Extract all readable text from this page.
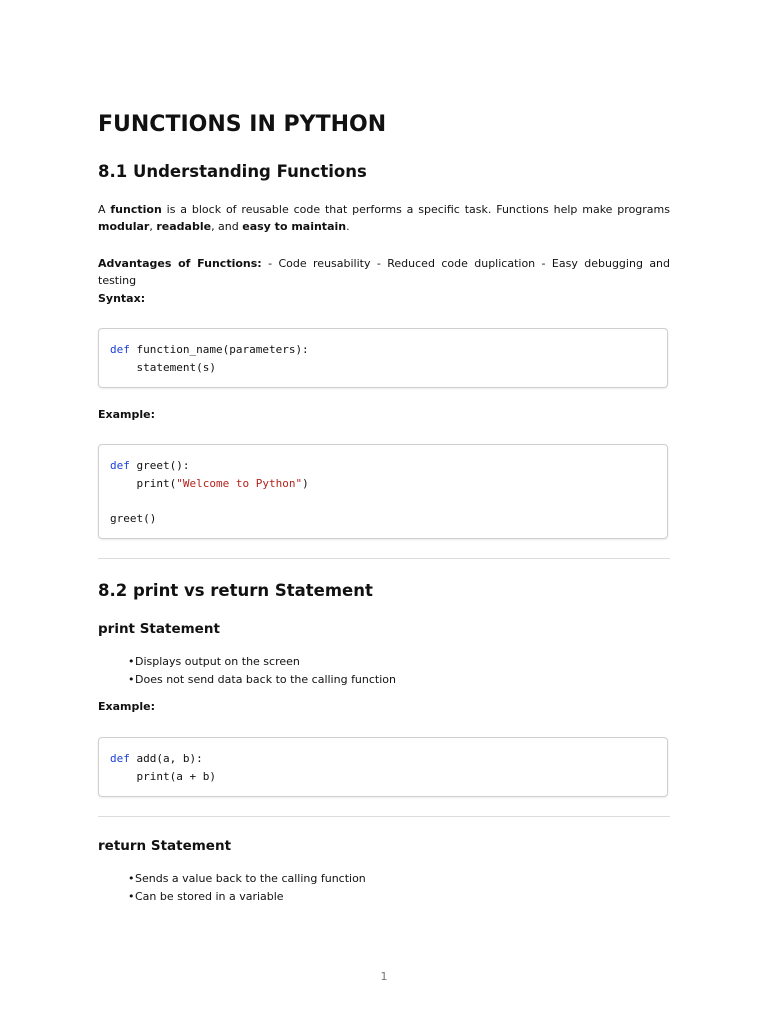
FUNCTIONS IN PYTHON
8.1 Understanding Functions

A function is a block of reusable code that performs a specific task. Functions help make programs modular, readable, and easy to maintain.

Advantages of Functions: - Code reusability - Reduced code duplication - Easy debugging and testing

Syntax:

def function_name(parameters):
statement(s)

Example:

def greet():
print("Welcome to Python")
greet()
8.2 print vs return Statement
print Statement
•Displays output on the screen
•Does not send data back to the calling function

Example:

def add(a, b):
print(a + b)
return Statement
•Sends a value back to the calling function
•Can be stored in a variable
1
